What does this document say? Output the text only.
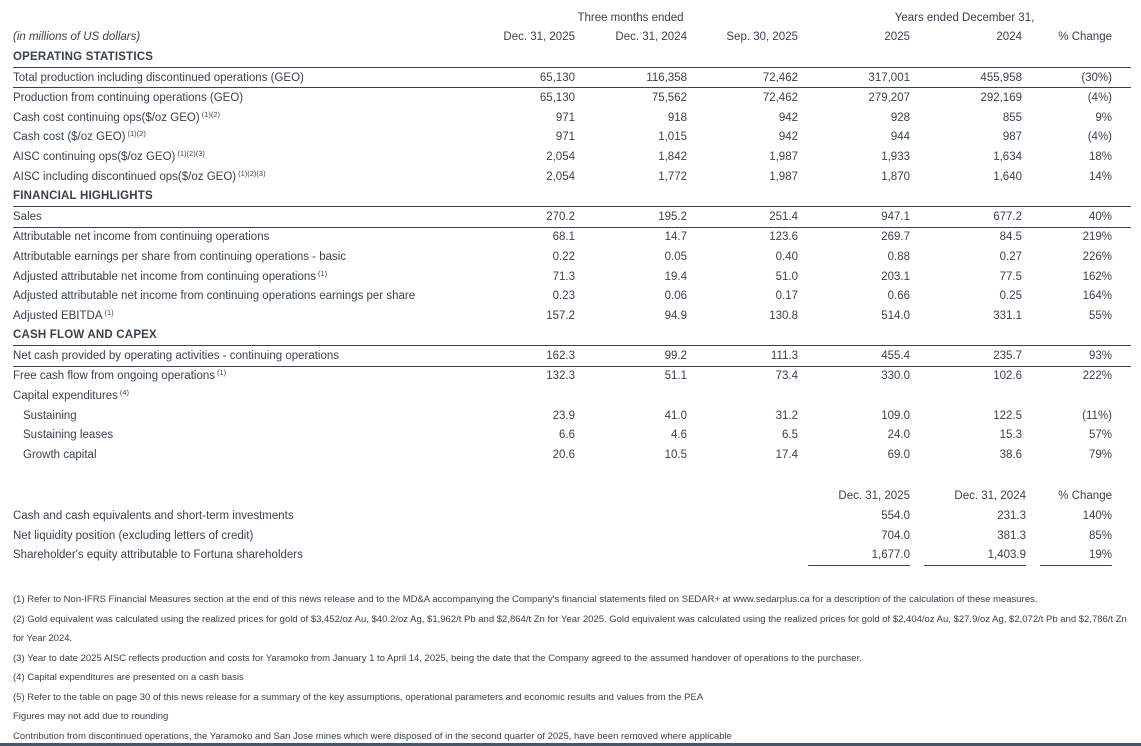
	Three months ended			Years ended December 31,		
(in millions of US dollars)	Dec. 31, 2025	Dec. 31, 2024	Sep. 30, 2025	2025	2024	% Change
OPERATING STATISTICS						
Total production including discontinued operations (GEO)	65,130	116,358	72,462	317,001	455,958	(30%)
Production from continuing operations (GEO)	65,130	75,562	72,462	279,207	292,169	(4%)
Cash cost continuing ops($/oz GEO) $^{(1)(2)}$	971	918	942	928	855	9%
Cash cost ($/oz GEO) $^{(1)(2)}$	971	1,015	942	944	987	(4%)
AISC continuing ops($/oz GEO) $^{(1)(2)(3)}$	2,054	1,842	1,987	1,933	1,634	18%
AISC including discontinued ops($/oz GEO) $^{(1)(2)(3)}$	2,054	1,772	1,987	1,870	1,640	14%
FINANCIAL HIGHLIGHTS						
Sales	270.2	195.2	251.4	947.1	677.2	40%
Attributable net income from continuing operations	68.1	14.7	123.6	269.7	84.5	219%
Attributable earnings per share from continuing operations - basic	0.22	0.05	0.40	0.88	0.27	226%
Adjusted attributable net income from continuing operations $^{(1)}$	71.3	19.4	51.0	203.1	77.5	162%
Adjusted attributable net income from continuing operations earnings per share	0.23	0.06	0.17	0.66	0.25	164%
Adjusted EBITDA $^{(1)}$	157.2	94.9	130.8	514.0	331.1	55%
CASH FLOW AND CAPEX						
Net cash provided by operating activities - continuing operations	162.3	99.2	111.3	455.4	235.7	93%
Free cash flow from ongoing operations $^{(1)}$	132.3	51.1	73.4	330.0	102.6	222%
Capital expenditures $^{(4)}$						
Sustaining	23.9	41.0	31.2	109.0	122.5	(11%)
Sustaining leases	6.6	4.6	6.5	24.0	15.3	57%
Growth capital	20.6	10.5	17.4	69.0	38.6	79%
	Dec. 31, 2025		Dec. 31, 2024		% Change	
Cash and cash equivalents and short-term investments	554.0		231.3		140%	
Net liquidity position (excluding letters of credit)	704.0		381.3		85%	
Shareholder's equity attributable to Fortuna shareholders	1,677.0		1,403.9		19%	

(1) Refer to Non-IFRS Financial Measures section at the end of this news release and to the MD&A accompanying the Company's financial statements filed on SEDAR+ at www.sedarplus.ca for a description of the calculation of these measures.

(2) Gold equivalent was calculated using the realized prices for gold of $3,452/oz Au, $40.2/oz Ag, $1,962/t Pb and $2,864/t Zn for Year 2025. Gold equivalent was calculated using the realized prices for gold of $2,404/oz Au, $27.9/oz Ag, $2,072/t Pb and $2,786/t Zn for Year 2024.

(3) Year to date 2025 AISC reflects production and costs for Yaramoko from January 1 to April 14, 2025, being the date that the Company agreed to the assumed handover of operations to the purchaser.

(4) Capital expenditures are presented on a cash basis

(5) Refer to the table on page 30 of this news release for a summary of the key assumptions, operational parameters and economic results and values from the PEA

Figures may not add due to rounding

Contribution from discontinued operations, the Yaramoko and San Jose mines which were disposed of in the second quarter of 2025, have been removed where applicable
